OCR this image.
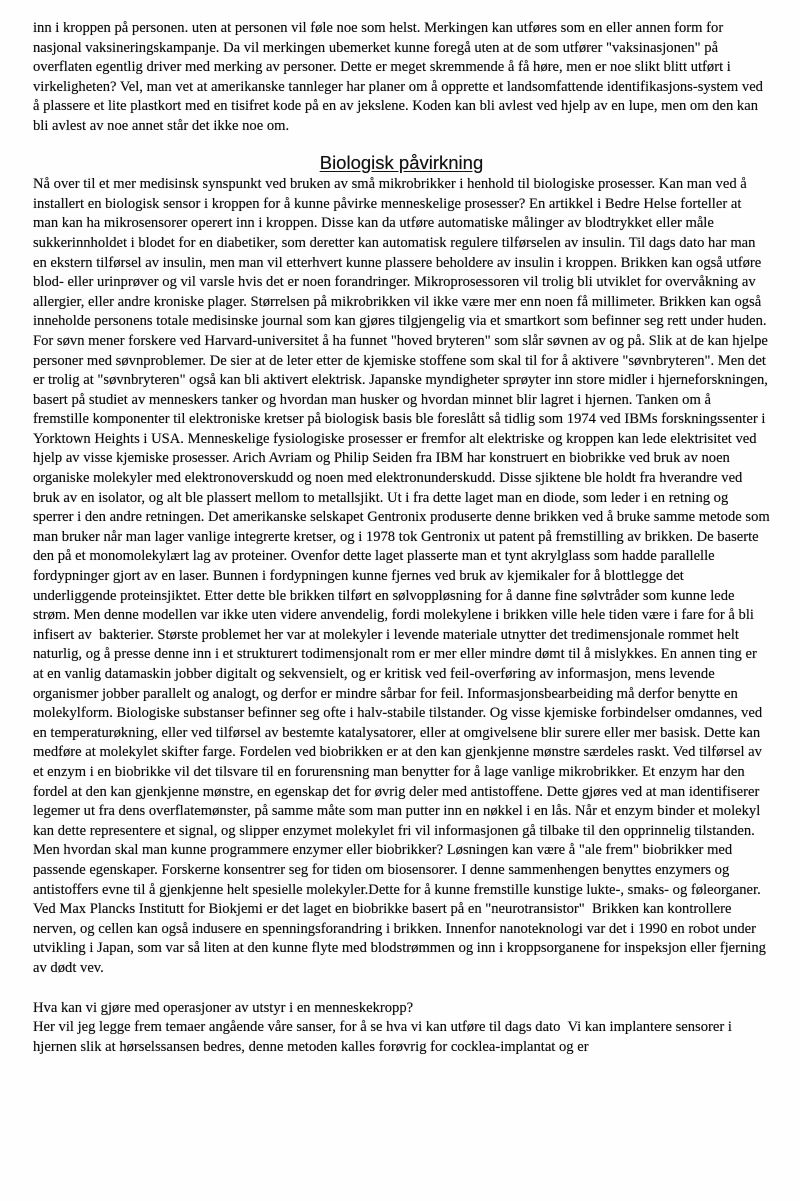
inn i kroppen på personen. uten at personen vil føle noe som helst. Merkingen kan utføres som en eller annen form for nasjonal vaksineringskampanje. Da vil merkingen ubemerket kunne foregå uten at de som utfører "vaksinasjonen" på overflaten egentlig driver med merking av personer. Dette er meget skremmende å få høre, men er noe slikt blitt utført i virkeligheten? Vel, man vet at amerikanske tannleger har planer om å opprette et landsomfattende identifikasjons-system ved å plassere et lite plastkort med en tisifret kode på en av jekslene. Koden kan bli avlest ved hjelp av en lupe, men om den kan bli avlest av noe annet står det ikke noe om.

Biologisk påvirkning

Nå over til et mer medisinsk synspunkt ved bruken av små mikrobrikker i henhold til biologiske prosesser. Kan man ved å installert en biologisk sensor i kroppen for å kunne påvirke menneskelige prosesser? En artikkel i Bedre Helse forteller at man kan ha mikrosensorer operert inn i kroppen. Disse kan da utføre automatiske målinger av blodtrykket eller måle sukkerinnholdet i blodet for en diabetiker, som deretter kan automatisk regulere tilførselen av insulin. Til dags dato har man en ekstern tilførsel av insulin, men man vil etterhvert kunne plassere beholdere av insulin i kroppen. Brikken kan også utføre blod- eller urinprøver og vil varsle hvis det er noen forandringer. Mikroprosessoren vil trolig bli utviklet for overvåkning av allergier, eller andre kroniske plager. Størrelsen på mikrobrikken vil ikke være mer enn noen få millimeter. Brikken kan også inneholde personens totale medisinske journal som kan gjøres tilgjengelig via et smartkort som befinner seg rett under huden. For søvn mener forskere ved Harvard-universitet å ha funnet "hoved bryteren" som slår søvnen av og på. Slik at de kan hjelpe personer med søvnproblemer. De sier at de leter etter de kjemiske stoffene som skal til for å aktivere "søvnbryteren". Men det er trolig at "søvnbryteren" også kan bli aktivert elektrisk. Japanske myndigheter sprøyter inn store midler i hjerneforskningen, basert på studiet av menneskers tanker og hvordan man husker og hvordan minnet blir lagret i hjernen. Tanken om å fremstille komponenter til elektroniske kretser på biologisk basis ble foreslått så tidlig som 1974 ved IBMs forskningssenter i Yorktown Heights i USA. Menneskelige fysiologiske prosesser er fremfor alt elektriske og kroppen kan lede elektrisitet ved hjelp av visse kjemiske prosesser. Arich Avriam og Philip Seiden fra IBM har konstruert en biobrikke ved bruk av noen organiske molekyler med elektronoverskudd og noen med elektronunderskudd. Disse sjiktene ble holdt fra hverandre ved bruk av en isolator, og alt ble plassert mellom to metallsjikt. Ut i fra dette laget man en diode, som leder i en retning og sperrer i den andre retningen. Det amerikanske selskapet Gentronix produserte denne brikken ved å bruke samme metode som man bruker når man lager vanlige integrerte kretser, og i 1978 tok Gentronix ut patent på fremstilling av brikken. De baserte den på et monomolekylært lag av proteiner. Ovenfor dette laget plasserte man et tynt akrylglass som hadde parallelle fordypninger gjort av en laser. Bunnen i fordypningen kunne fjernes ved bruk av kjemikaler for å blottlegge det underliggende proteinsjiktet. Etter dette ble brikken tilført en sølvoppløsning for å danne fine sølvtråder som kunne lede strøm. Men denne modellen var ikke uten videre anvendelig, fordi molekylene i brikken ville hele tiden være i fare for å bli infisert av  bakterier. Største problemet her var at molekyler i levende materiale utnytter det tredimensjonale rommet helt naturlig, og å presse denne inn i et strukturert todimensjonalt rom er mer eller mindre dømt til å mislykkes. En annen ting er at en vanlig datamaskin jobber digitalt og sekvensielt, og er kritisk ved feil-overføring av informasjon, mens levende organismer jobber parallelt og analogt, og derfor er mindre sårbar for feil. Informasjonsbearbeiding må derfor benytte en molekylform. Biologiske substanser befinner seg ofte i halv-stabile tilstander. Og visse kjemiske forbindelser omdannes, ved en temperaturøkning, eller ved tilførsel av bestemte katalysatorer, eller at omgivelsene blir surere eller mer basisk. Dette kan medføre at molekylet skifter farge. Fordelen ved biobrikken er at den kan gjenkjenne mønstre særdeles raskt. Ved tilførsel av et enzym i en biobrikke vil det tilsvare til en forurensning man benytter for å lage vanlige mikrobrikker. Et enzym har den fordel at den kan gjenkjenne mønstre, en egenskap det for øvrig deler med antistoffene. Dette gjøres ved at man identifiserer legemer ut fra dens overflatemønster, på samme måte som man putter inn en nøkkel i en lås. Når et enzym binder et molekyl kan dette representere et signal, og slipper enzymet molekylet fri vil informasjonen gå tilbake til den opprinnelig tilstanden. Men hvordan skal man kunne programmere enzymer eller biobrikker? Løsningen kan være å "ale frem" biobrikker med passende egenskaper. Forskerne konsentrer seg for tiden om biosensorer. I denne sammenhengen benyttes enzymers og antistoffers evne til å gjenkjenne helt spesielle molekyler.Dette for å kunne fremstille kunstige lukte-, smaks- og føleorganer. Ved Max Plancks Institutt for Biokjemi er det laget en biobrikke basert på en "neurotransistor"  Brikken kan kontrollere nerven, og cellen kan også indusere en spenningsforandring i brikken. Innenfor nanoteknologi var det i 1990 en robot under utvikling i Japan, som var så liten at den kunne flyte med blodstrømmen og inn i kroppsorganene for inspeksjon eller fjerning av dødt vev.

Hva kan vi gjøre med operasjoner av utstyr i en menneskekropp?

Her vil jeg legge frem temaer angående våre sanser, for å se hva vi kan utføre til dags dato  Vi kan implantere sensorer i hjernen slik at hørselssansen bedres, denne metoden kalles forøvrig for cocklea-implantat og er
